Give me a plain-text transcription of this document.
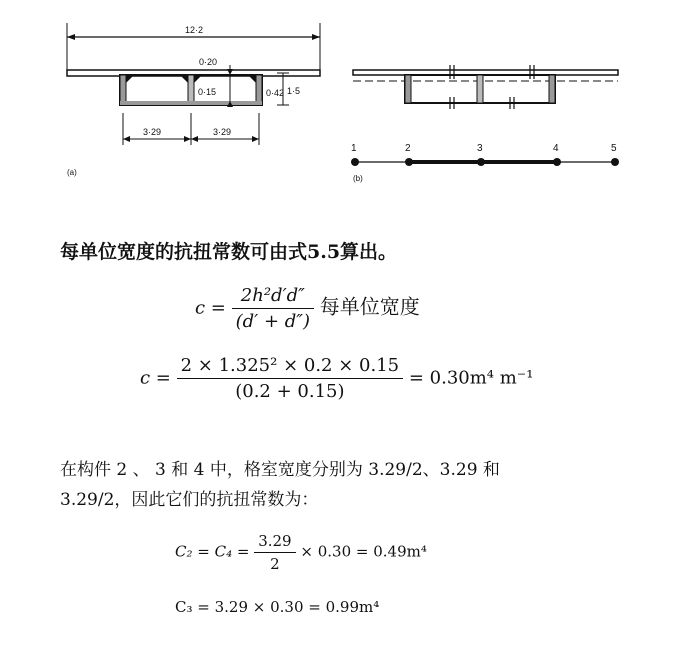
12·2
1·5
0·20
0·15	0·42
3·29	3·29
(a)
1	2	3	4	5
(b)
每单位宽度的抗扭常数可由式5.5算出。
$c = \frac{\text{2h²d′d″}}{(d' + d'')}$ 每单位宽度
$c = \frac{\text{2 × 1.325² × 0.2 × 0.15}}{(0.2 + 0.15)} = 0.30m^4$ m⁻¹
在构件 2 、 3 和 4 中，格室宽度分别为 3.29/2、3.29 和
3.29/2，因此它们的抗扭常数为：
$C_2 = C_4 = \frac{3.29}{2} \times 0.30 = 0.49m^4$
C₃ = 3.29 × 0.30 = 0.99m⁴
